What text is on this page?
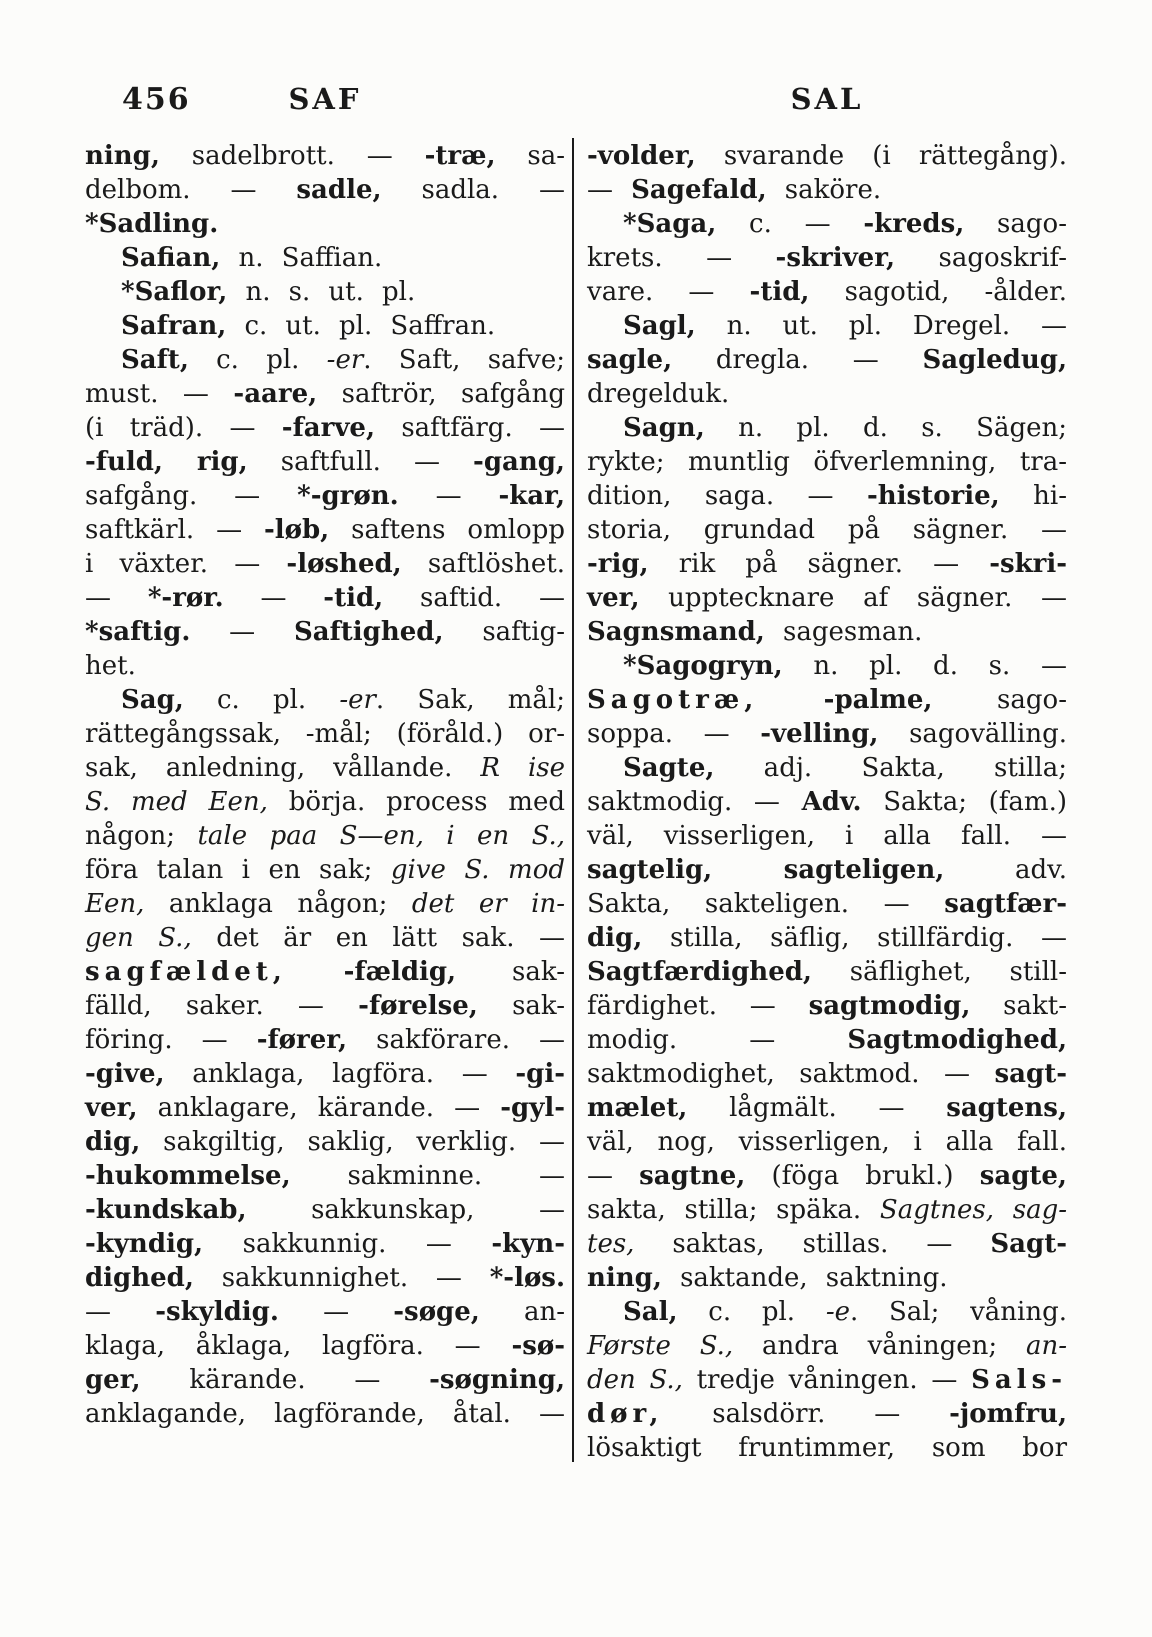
456	SAF	SAL
ning, sadelbrott. — -træ, sa-
delbom. — sadle, sadla. —
*Sadling.
Safian, n. Saffian.
*Saflor, n. s. ut. pl.
Safran, c. ut. pl. Saffran.
Saft, c. pl. -er. Saft, safve;
must. — -aare, saftrör, safgång
(i träd). — -farve, saftfärg. —
-fuld, rig, saftfull. — -gang,
safgång. — *-grøn. — -kar,
saftkärl. — -løb, saftens omlopp
i växter. — -løshed, saftlöshet.
— *-rør. — -tid, saftid. —
*saftig. — Saftighed, saftig-
het.
Sag, c. pl. -er. Sak, mål;
rättegångssak, -mål; (föråld.) or-
sak, anledning, vållande. R ise
S. med Een, börja. process med
någon; tale paa S—en, i en S.,
föra talan i en sak; give S. mod
Een, anklaga någon; det er in-
gen S., det är en lätt sak. —
sagfældet, -fældig, sak-
fälld, saker. — -førelse, sak-
föring. — -fører, sakförare. —
-give, anklaga, lagföra. — -gi-
ver, anklagare, kärande. — -gyl-
dig, sakgiltig, saklig, verklig. —
-hukommelse, sakminne. —
-kundskab, sakkunskap, —
-kyndig, sakkunnig. — -kyn-
dighed, sakkunnighet. — *-løs.
— -skyldig. — -søge, an-
klaga, åklaga, lagföra. — -sø-
ger, kärande. — -søgning,
anklagande, lagförande, åtal. —
-volder, svarande (i rättegång).
— Sagefald, saköre.
*Saga, c. — -kreds, sago-
krets. — -skriver, sagoskrif-
vare. — -tid, sagotid, -ålder.
Sagl, n. ut. pl. Dregel. —
sagle, dregla. — Sagledug,
dregelduk.
Sagn, n. pl. d. s. Sägen;
rykte; muntlig öfverlemning, tra-
dition, saga. — -historie, hi-
storia, grundad på sägner. —
-rig, rik på sägner. — -skri-
ver, upptecknare af sägner. —
Sagnsmand, sagesman.
*Sagogryn, n. pl. d. s. —
Sagotræ, -palme, sago-
soppa. — -velling, sagovälling.
Sagte, adj. Sakta, stilla;
saktmodig. — Adv. Sakta; (fam.)
väl, visserligen, i alla fall. —
sagtelig, sagteligen, adv.
Sakta, sakteligen. — sagtfær-
dig, stilla, säflig, stillfärdig. —
Sagtfærdighed, säflighet, still-
färdighet. — sagtmodig, sakt-
modig. — Sagtmodighed,
saktmodighet, saktmod. — sagt-
mælet, lågmält. — sagtens,
väl, nog, visserligen, i alla fall.
— sagtne, (föga brukl.) sagte,
sakta, stilla; späka. Sagtnes, sag-
tes, saktas, stillas. — Sagt-
ning, saktande, saktning.
Sal, c. pl. -e. Sal; våning.
Første S., andra våningen; an-
den S., tredje våningen. — Sals-
dør, salsdörr. — -jomfru,
lösaktigt fruntimmer, som bor
